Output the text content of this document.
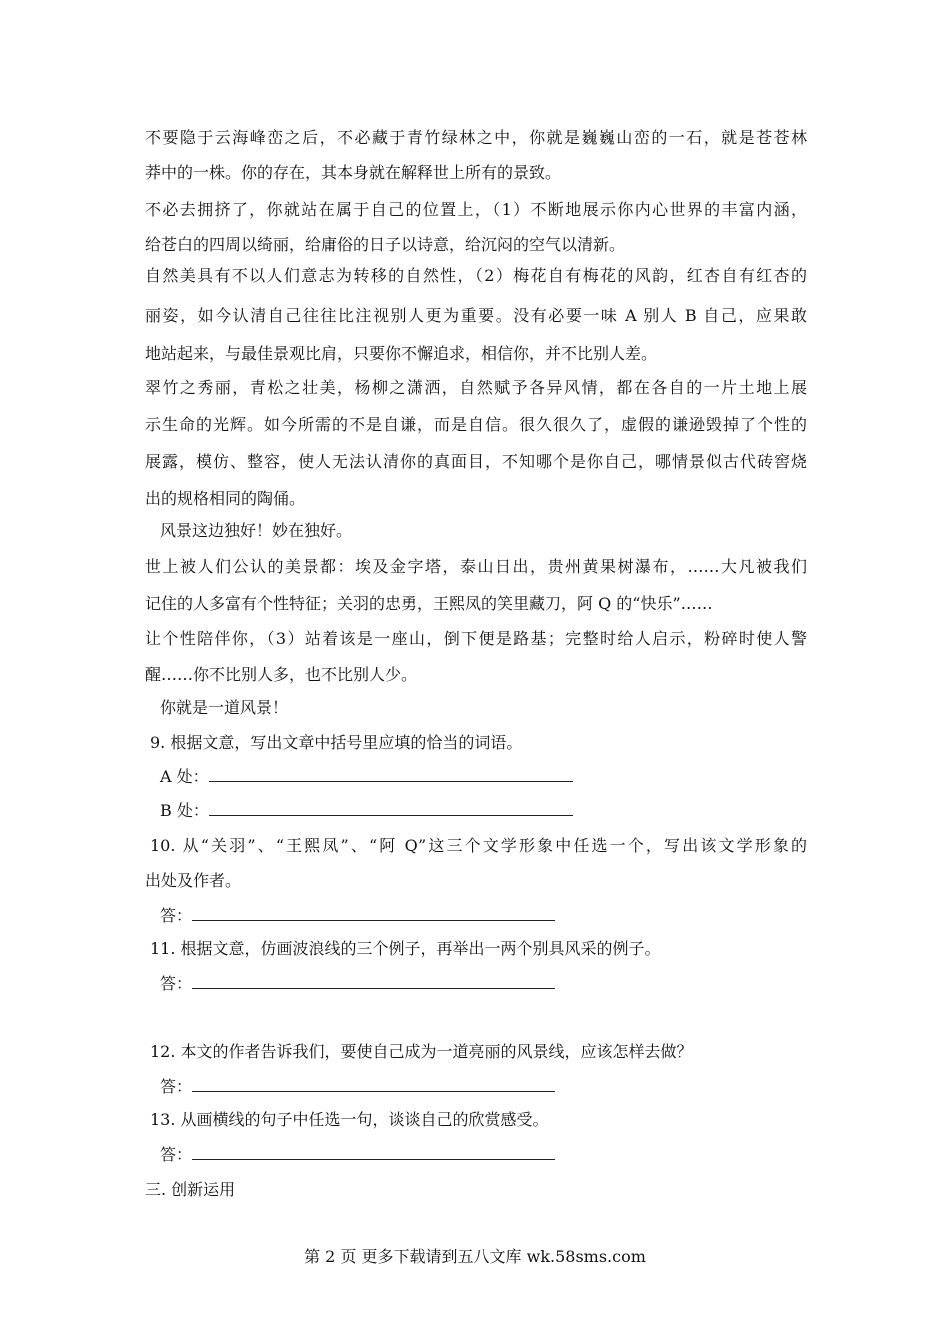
不要隐于云海峰峦之后，不必藏于青竹绿林之中，你就是巍巍山峦的一石，就是苍苍林
莽中的一株。你的存在，其本身就在解释世上所有的景致。
不必去拥挤了，你就站在属于自己的位置上，（1）不断地展示你内心世界的丰富内涵，
给苍白的四周以绮丽，给庸俗的日子以诗意，给沉闷的空气以清新。
自然美具有不以人们意志为转移的自然性，（2）梅花自有梅花的风韵，红杏自有红杏的
丽姿，如今认清自己往往比注视别人更为重要。没有必要一味 A 别人 B 自己，应果敢
地站起来，与最佳景观比肩，只要你不懈追求，相信你，并不比别人差。
翠竹之秀丽，青松之壮美，杨柳之潇洒，自然赋予各异风情，都在各自的一片土地上展
示生命的光辉。如今所需的不是自谦，而是自信。很久很久了，虚假的谦逊毁掉了个性的
展露，模仿、整容，使人无法认清你的真面目，不知哪个是你自己，哪情景似古代砖窖烧
出的规格相同的陶俑。
风景这边独好！妙在独好。
世上被人们公认的美景都：埃及金字塔，泰山日出，贵州黄果树瀑布，……大凡被我们
记住的人多富有个性特征；关羽的忠勇，王熙凤的笑里藏刀，阿 Q 的“快乐”……
让个性陪伴你，（3）站着该是一座山，倒下便是路基；完整时给人启示，粉碎时使人警
醒……你不比别人多，也不比别人少。
你就是一道风景！
9. 根据文意，写出文章中括号里应填的恰当的词语。
A 处：
B 处：
10. 从“关羽”、“王熙凤”、“阿 Q”这三个文学形象中任选一个，写出该文学形象的
出处及作者。
答：
11. 根据文意，仿画波浪线的三个例子，再举出一两个别具风采的例子。
答：
12. 本文的作者告诉我们，要使自己成为一道亮丽的风景线，应该怎样去做？
答：
13. 从画横线的句子中任选一句，谈谈自己的欣赏感受。
答：
三. 创新运用
第 2 页 更多下载请到五八文库 wk.58sms.com
